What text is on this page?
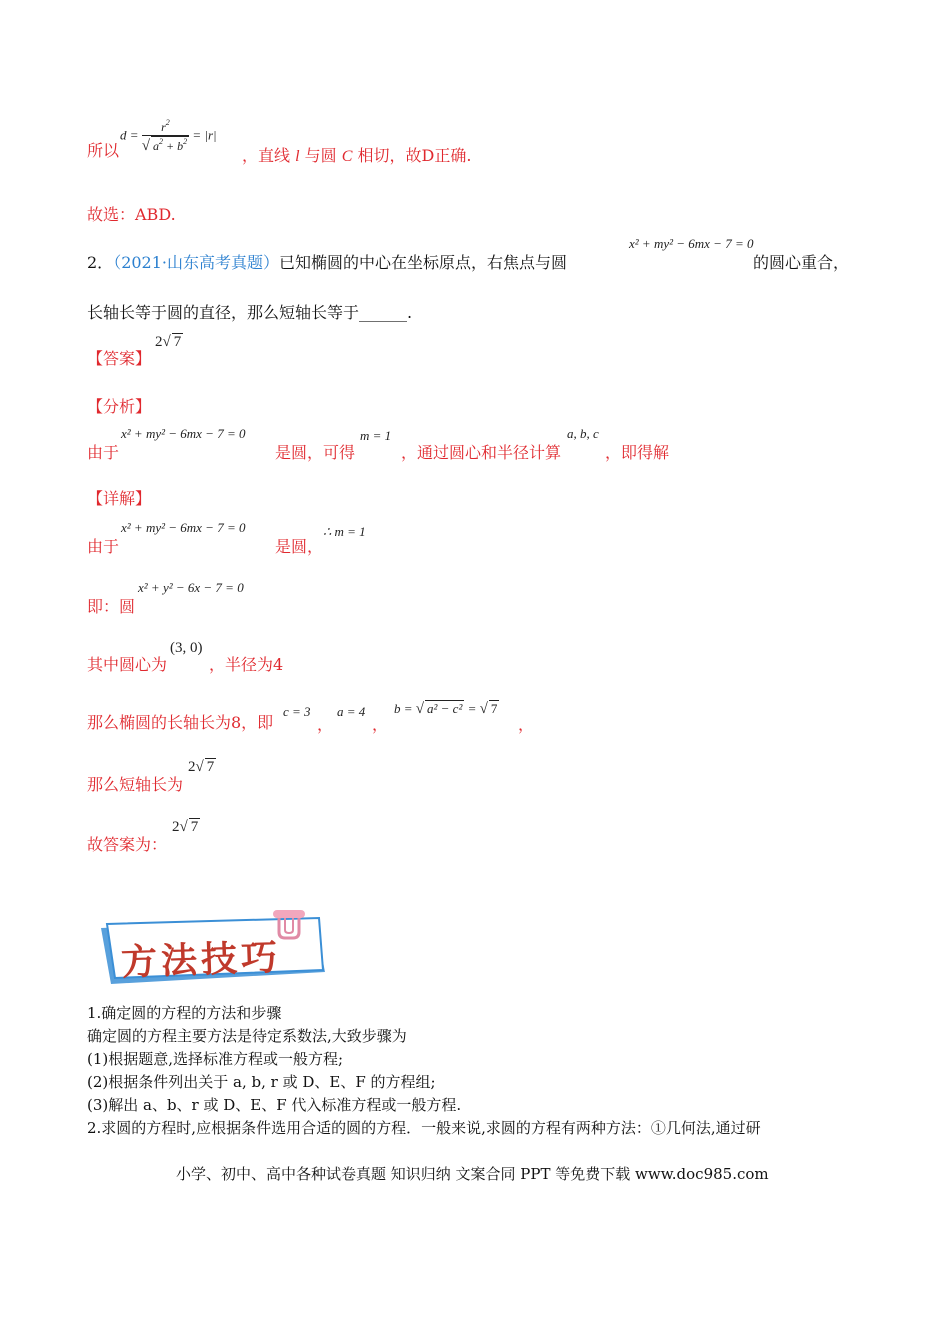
所以
$d = \frac{r^2}{√ a^2 + b^2} = |r|$
，直线 l 与圆 C 相切，故D正确.
故选：ABD.
2．（2021·山东高考真题）已知椭圆的中心在坐标原点，右焦点与圆
x² + my² − 6mx − 7 = 0
的圆心重合，
长轴长等于圆的直径，那么短轴长等于______.
【答案】
2√ 7
【分析】
由于
x² + my² − 6mx − 7 = 0
是圆，可得
m = 1
，通过圆心和半径计算
a, b, c
，即得解
【详解】
由于
x² + my² − 6mx − 7 = 0
是圆，
∴ m = 1
即：圆
x² + y² − 6x − 7 = 0
其中圆心为
(3, 0)
，半径为4
那么椭圆的长轴长为8，即
c = 3
，
a = 4
，
b = √ a² − c² = √ 7
，
那么短轴长为
2√ 7
故答案为：
2√ 7
方法技巧
1.确定圆的方程的方法和步骤
确定圆的方程主要方法是待定系数法,大致步骤为
(1)根据题意,选择标准方程或一般方程;
(2)根据条件列出关于 a, b, r 或 D、E、F 的方程组;
(3)解出 a、b、r 或 D、E、F 代入标准方程或一般方程.
2.求圆的方程时,应根据条件选用合适的圆的方程．一般来说,求圆的方程有两种方法：①几何法,通过研
小学、初中、高中各种试卷真题 知识归纳 文案合同 PPT 等免费下载 www.doc985.com
